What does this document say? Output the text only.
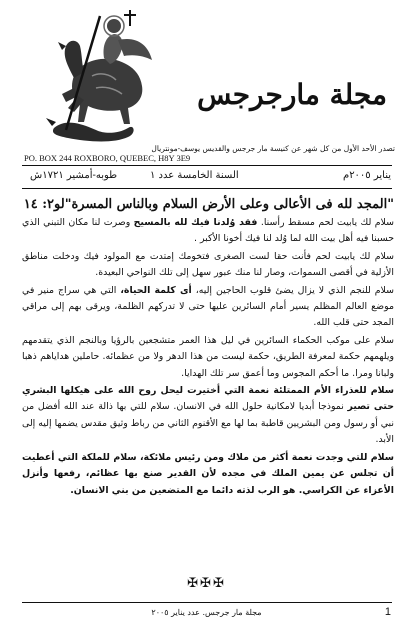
مجلة مارجرجس
تصدر الأحد الأول من كل شهر عن كنيسة مار جرجس والقديس يوسف-مونتريال
PO. BOX 244 ROXBORO, QUEBEC, H8Y 3E9
يناير ٢٠٠٥م
السنة الخامسة عدد ١
طوبه-أمشير ١٧٢١ش
"المجد لله فى الأعالى وعلى الأرض السلام وبالناس المسرة"لو٢: ١٤

سلام لك يابيت لحم مسقط رأسنا. فقد وُلدنا فيك لله بالمسيح وصرت لنا مكان التبني الذي حسبنا فيه أهل بيت الله لما وُلد لنا فيك أخونا الأكبر .

سلام لك يابيت لحم فأنت حقا لست الصغرى فتخومك إمتدت مع المولود فيك ودخلت مناطق الأزلية في أقصى السموات، وصار لنا منك عبور سهل إلى تلك النواحي البعيدة.

سلام للنجم الذي لا يزال يضئ قلوب الحاجين إليه، أى كلمة الحياة، التي هي سراج منير في موضع العالم المظلم يسير أمام السائرين عليها حتى لا تدركهم الظلمة، ويرقى بهم إلى مراقي المجد حتى قلب الله.

سلام على موكب الحكماء السائرين في ليل هذا العمر متشجعين بالرؤيا وبالنجم الذي يتقدمهم ويلهمهم حكمة لمعرفة الطريق، حكمة ليست من هذا الدهر ولا من عظمائه. حاملين هداياهم ذهبا ولبانا ومرا. ما أحكم المجوس وما أعمق سر تلك الهدايا.

سلام للعذراء الأم الممتلئة نعمة التي أختيرت ليحل روح الله على هيكلها البشري حتى تصير نموذجا أبديا لامكانية حلول الله في الانسان. سلام للتي بها ذالة عند الله أفضل من نبي أو رسول ومن البشريين قاطبة بما لها مع الأقنوم الثاني من رباط وثيق مقدس يضمها إليه إلى الأبد.

سلام للتي وجدت نعمة أكثر من ملاك ومن رئيس ملائكة، سلام للملكة التي أعطيت أن تجلس عن يمين الملك في مجده لأن القدير صنع بها عظائم، رفعها وأنزل الأعزاء عن الكراسي. هو الرب لذته دائما مع المتضعين من بني الانسان.

✠✠✠
1
مجلة مار جرجس. عدد يناير ٢٠٠٥
